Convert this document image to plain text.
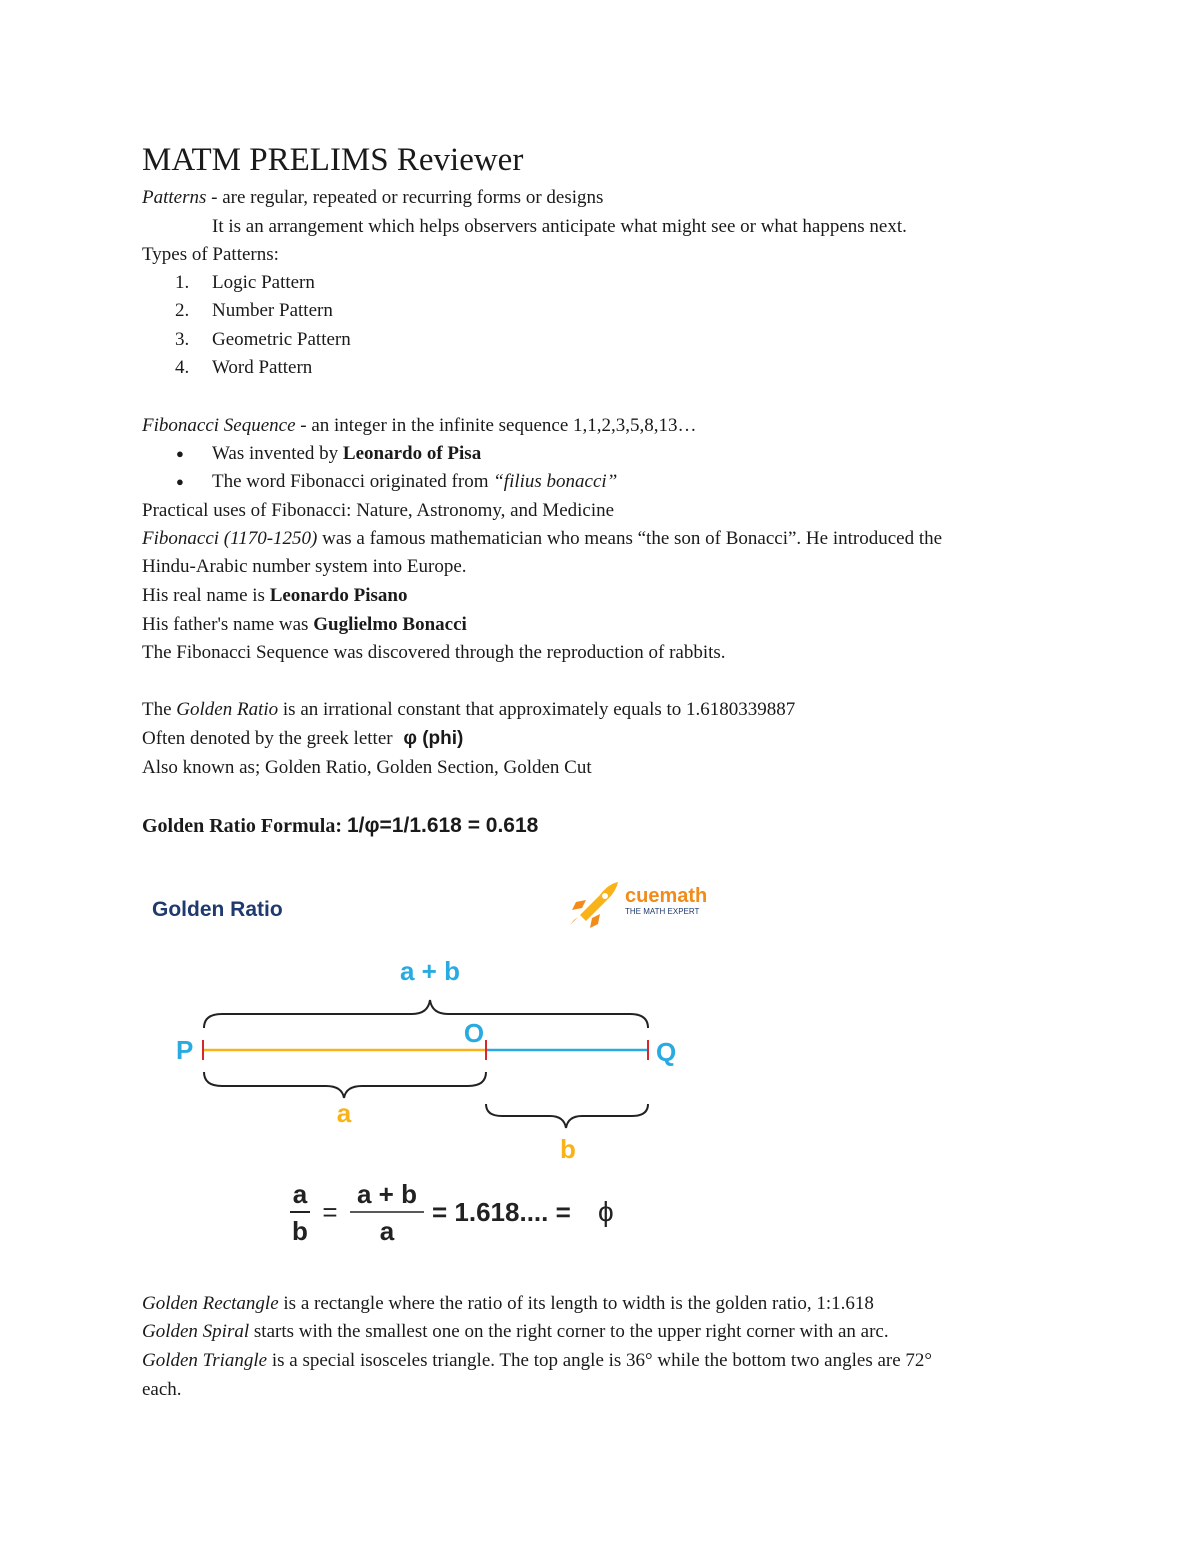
MATM PRELIMS Reviewer
Patterns - are regular, repeated or recurring forms or designs
It is an arrangement which helps observers anticipate what might see or what happens next.
Types of Patterns:
1. Logic Pattern
2. Number Pattern
3. Geometric Pattern
4. Word Pattern
Fibonacci Sequence - an integer in the infinite sequence 1,1,2,3,5,8,13…
● Was invented by Leonardo of Pisa
● The word Fibonacci originated from “filius bonacci”
Practical uses of Fibonacci: Nature, Astronomy, and Medicine
Fibonacci (1170-1250) was a famous mathematician who means “the son of Bonacci”. He introduced the
Hindu-Arabic number system into Europe.
His real name is Leonardo Pisano
His father's name was Guglielmo Bonacci
The Fibonacci Sequence was discovered through the reproduction of rabbits.
The Golden Ratio is an irrational constant that approximately equals to 1.6180339887
Often denoted by the greek letter φ (phi)
Also known as; Golden Ratio, Golden Section, Golden Cut
Golden Ratio Formula: 1/φ=1/1.618 = 0.618
Golden Ratio
cuemath
THE MATH EXPERT
a + b
O
P	Q
a
b
a
b
=
a + b
a
= 1.618.... = ϕ
Golden Rectangle is a rectangle where the ratio of its length to width is the golden ratio, 1:1.618
Golden Spiral starts with the smallest one on the right corner to the upper right corner with an arc.
Golden Triangle is a special isosceles triangle. The top angle is 36° while the bottom two angles are 72°
each.
